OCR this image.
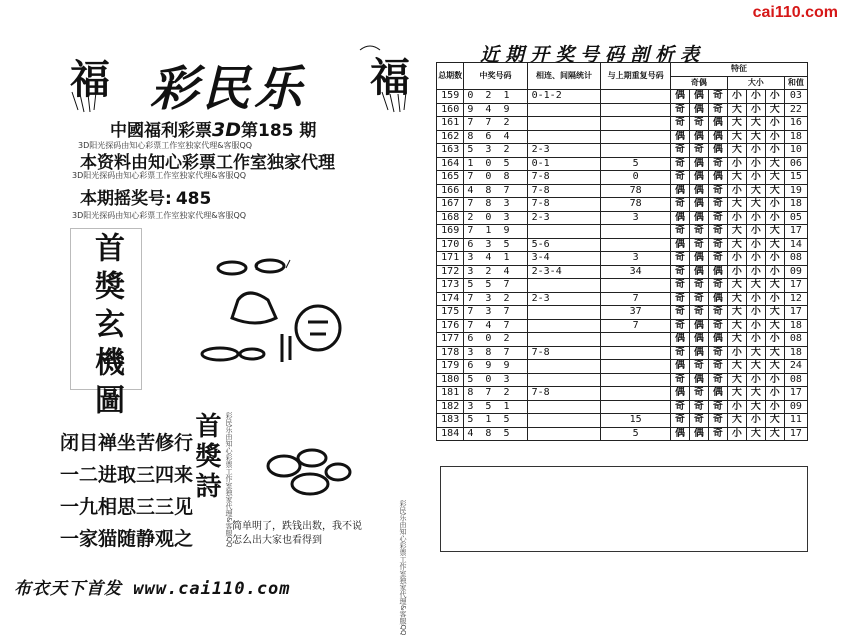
cai110.com
福	福
彩民乐
中國福利彩票3D第185 期
3D阳光探码由知心彩票工作室独家代理&客服QQ
本资料由知心彩票工作室独家代理
3D阳光探码由知心彩票工作室独家代理&客服QQ
本期摇奖号: 485
3D阳光探码由知心彩票工作室独家代理&客服QQ
首獎玄機圖
闭目禅坐苦修行
一二进取三四来
一九相思三三见
一家猫随静观之
首獎詩 彩民乐由知心彩票工作室独家代理&客服QQ
彩民乐由知心彩票工作室独家代理&客服QQ
简单明了，跌钱出数，我不说
怎么出大家也看得到
布衣天下首发 www.cai110.com
近期开奖号码剖析表
总期数	中奖号码	相连、间隔统计	与上期重复号码	特征						
				奇偶			大小			和值
159	0 2 1	0-1-2		偶	偶	奇	小	小	小	03
160	9 4 9			奇	偶	奇	大	小	大	22
161	7 7 2			奇	奇	偶	大	大	小	16
162	8 6 4			偶	偶	偶	大	大	小	18
163	5 3 2	2-3		奇	奇	偶	大	小	小	10
164	1 0 5	0-1	5	奇	偶	奇	小	小	大	06
165	7 0 8	7-8	0	奇	偶	偶	大	小	大	15
166	4 8 7	7-8	78	偶	偶	奇	小	大	大	19
167	7 8 3	7-8	78	奇	偶	奇	大	大	小	18
168	2 0 3	2-3	3	偶	偶	奇	小	小	小	05
169	7 1 9			奇	奇	奇	大	小	大	17
170	6 3 5	5-6		偶	奇	奇	大	小	大	14
171	3 4 1	3-4	3	奇	偶	奇	小	小	小	08
172	3 2 4	2-3-4	34	奇	偶	偶	小	小	小	09
173	5 5 7			奇	奇	奇	大	大	大	17
174	7 3 2	2-3	7	奇	奇	偶	大	小	小	12
175	7 3 7		37	奇	奇	奇	大	小	大	17
176	7 4 7		7	奇	偶	奇	大	小	大	18
177	6 0 2			偶	偶	偶	大	小	小	08
178	3 8 7	7-8		奇	偶	奇	小	大	大	18
179	6 9 9			偶	奇	奇	大	大	大	24
180	5 0 3			奇	偶	奇	大	小	小	08
181	8 7 2	7-8		偶	奇	偶	大	大	小	17
182	3 5 1			奇	奇	奇	小	大	小	09
183	5 1 5		15	奇	奇	奇	大	小	大	11
184	4 8 5		5	偶	偶	奇	小	大	大	17
